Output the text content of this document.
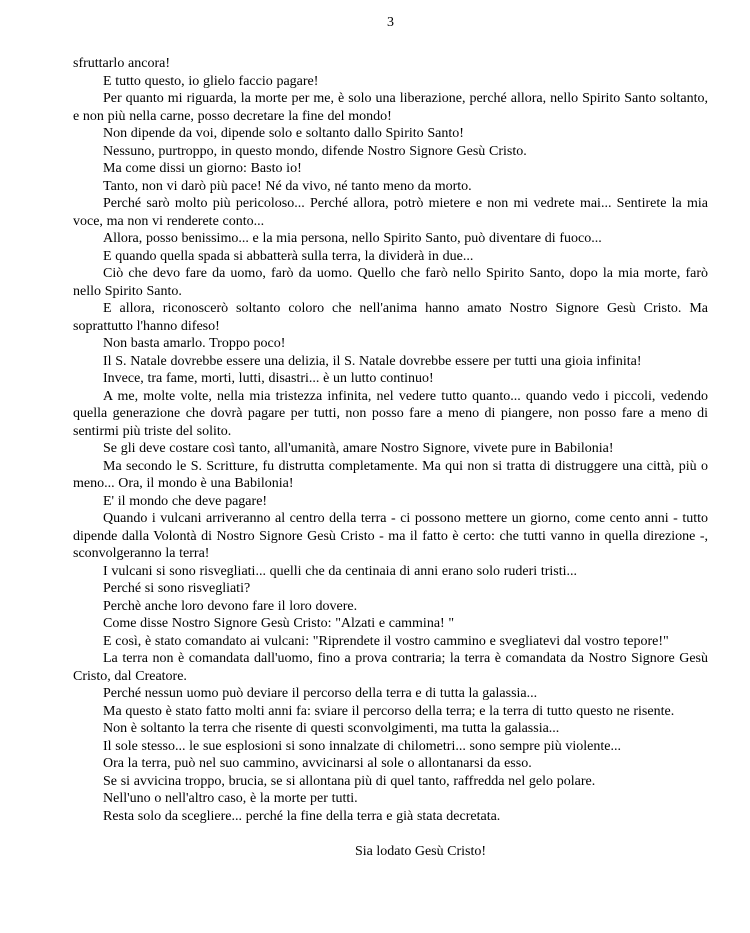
3

sfruttarlo ancora!

E tutto questo, io glielo faccio pagare!

Per quanto mi riguarda, la morte per me, è solo una liberazione, perché allora, nello Spirito Santo soltanto, e non più nella carne, posso decretare la fine del mondo!

Non dipende da voi, dipende solo e soltanto dallo Spirito Santo!

Nessuno, purtroppo, in questo mondo, difende Nostro Signore Gesù Cristo.

Ma come dissi un giorno: Basto io!

Tanto, non vi darò più pace! Né da vivo, né tanto meno da morto.

Perché sarò molto più pericoloso... Perché allora, potrò mietere e non mi vedrete mai... Sentirete la mia voce, ma non vi renderete conto...

Allora, posso benissimo... e la mia persona, nello Spirito Santo, può diventare di fuoco...

E quando quella spada si abbatterà sulla terra, la dividerà in due...

Ciò che devo fare da uomo, farò da uomo. Quello che farò nello Spirito Santo, dopo la mia morte, farò nello Spirito Santo.

E allora, riconoscerò soltanto coloro che nell'anima hanno amato Nostro Signore Gesù Cristo. Ma soprattutto l'hanno difeso!

Non basta amarlo. Troppo poco!

Il S. Natale dovrebbe essere una delizia, il S. Natale dovrebbe essere per tutti una gioia infinita!

Invece, tra fame, morti, lutti, disastri... è un lutto continuo!

A me, molte volte, nella mia tristezza infinita, nel vedere tutto quanto... quando vedo i piccoli, vedendo quella generazione che dovrà pagare per tutti, non posso fare a meno di piangere, non posso fare a meno di sentirmi più triste del solito.

Se gli deve costare così tanto, all'umanità, amare Nostro Signore, vivete pure in Babilonia!

Ma secondo le S. Scritture, fu distrutta completamente. Ma qui non si tratta di distruggere una città, più o meno... Ora, il mondo è una Babilonia!

E' il mondo che deve pagare!

Quando i vulcani arriveranno al centro della terra - ci possono mettere un giorno, come cento anni - tutto dipende dalla Volontà di Nostro Signore Gesù Cristo - ma il fatto è certo: che tutti vanno in quella direzione -, sconvolgeranno la terra!

I vulcani si sono risvegliati... quelli che da centinaia di anni erano solo ruderi tristi...

Perché si sono risvegliati?

Perchè anche loro devono fare il loro dovere.

Come disse Nostro Signore Gesù Cristo: "Alzati e cammina! "

E così, è stato comandato ai vulcani: "Riprendete il vostro cammino e svegliatevi dal vostro tepore!"

La terra non è comandata dall'uomo, fino a prova contraria; la terra è comandata da Nostro Signore Gesù Cristo, dal Creatore.

Perché nessun uomo può deviare il percorso della terra e di tutta la galassia...

Ma questo è stato fatto molti anni fa: sviare il percorso della terra; e la terra di tutto questo ne risente.

Non è soltanto la terra che risente di questi sconvolgimenti, ma tutta la galassia...

Il sole stesso... le sue esplosioni si sono innalzate di chilometri... sono sempre più violente...

Ora la terra, può nel suo cammino, avvicinarsi al sole o allontanarsi da esso.

Se si avvicina troppo, brucia, se si allontana più di quel tanto, raffredda nel gelo polare.

Nell'uno o nell'altro caso, è la morte per tutti.

Resta solo da scegliere... perché la fine della terra e già stata decretata.

Sia lodato Gesù Cristo!
